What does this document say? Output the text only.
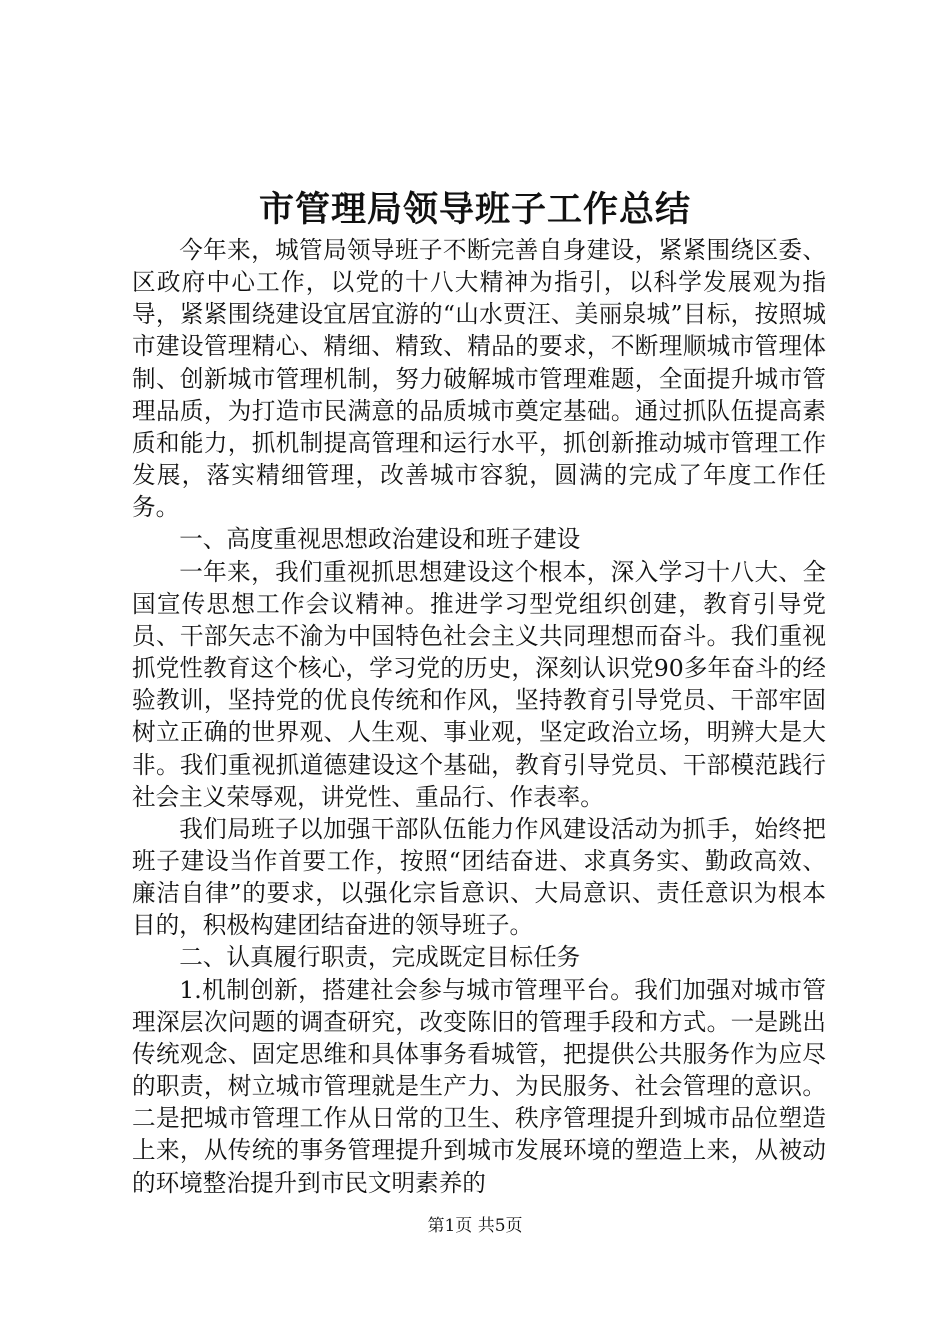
市管理局领导班子工作总结

今年来，城管局领导班子不断完善自身建设，紧紧围绕区委、区政府中心工作，以党的十八大精神为指引，以科学发展观为指导，紧紧围绕建设宜居宜游的“山水贾汪、美丽泉城”目标，按照城市建设管理精心、精细、精致、精品的要求，不断理顺城市管理体制、创新城市管理机制，努力破解城市管理难题，全面提升城市管理品质，为打造市民满意的品质城市奠定基础。通过抓队伍提高素质和能力，抓机制提高管理和运行水平，抓创新推动城市管理工作发展，落实精细管理，改善城市容貌，圆满的完成了年度工作任务。

一、高度重视思想政治建设和班子建设

一年来，我们重视抓思想建设这个根本，深入学习十八大、全国宣传思想工作会议精神。推进学习型党组织创建，教育引导党员、干部矢志不渝为中国特色社会主义共同理想而奋斗。我们重视抓党性教育这个核心，学习党的历史，深刻认识党90多年奋斗的经验教训，坚持党的优良传统和作风，坚持教育引导党员、干部牢固树立正确的世界观、人生观、事业观，坚定政治立场，明辨大是大非。我们重视抓道德建设这个基础，教育引导党员、干部模范践行社会主义荣辱观，讲党性、重品行、作表率。

我们局班子以加强干部队伍能力作风建设活动为抓手，始终把班子建设当作首要工作，按照“团结奋进、求真务实、勤政高效、廉洁自律”的要求，以强化宗旨意识、大局意识、责任意识为根本目的，积极构建团结奋进的领导班子。

二、认真履行职责，完成既定目标任务

1.机制创新，搭建社会参与城市管理平台。我们加强对城市管理深层次问题的调查研究，改变陈旧的管理手段和方式。一是跳出传统观念、固定思维和具体事务看城管，把提供公共服务作为应尽的职责，树立城市管理就是生产力、为民服务、社会管理的意识。二是把城市管理工作从日常的卫生、秩序管理提升到城市品位塑造上来，从传统的事务管理提升到城市发展环境的塑造上来，从被动的环境整治提升到市民文明素养的

第1页 共5页
